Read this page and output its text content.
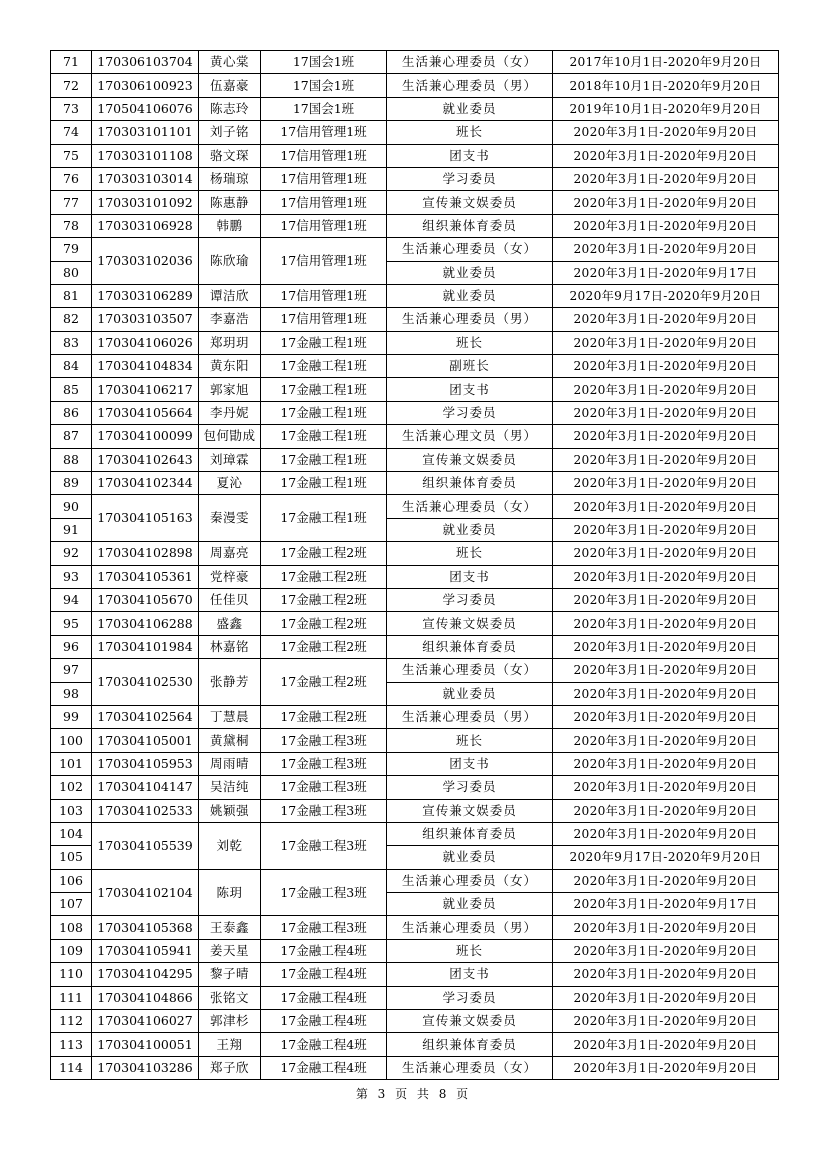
71	170306103704	黄心棠	17国会1班	生活兼心理委员（女）	2017年10月1日-2020年9月20日
72	170306100923	伍嘉豪	17国会1班	生活兼心理委员（男）	2018年10月1日-2020年9月20日
73	170504106076	陈志玲	17国会1班	就业委员	2019年10月1日-2020年9月20日
74	170303101101	刘子铭	17信用管理1班	班长	2020年3月1日-2020年9月20日
75	170303101108	骆文琛	17信用管理1班	团支书	2020年3月1日-2020年9月20日
76	170303103014	杨瑞琼	17信用管理1班	学习委员	2020年3月1日-2020年9月20日
77	170303101092	陈惠静	17信用管理1班	宣传兼文娱委员	2020年3月1日-2020年9月20日
78	170303106928	韩鹏	17信用管理1班	组织兼体育委员	2020年3月1日-2020年9月20日
79	170303102036	陈欣瑜	17信用管理1班	生活兼心理委员（女）	2020年3月1日-2020年9月20日
80				就业委员	2020年3月1日-2020年9月17日
81	170303106289	谭洁欣	17信用管理1班	就业委员	2020年9月17日-2020年9月20日
82	170303103507	李嘉浩	17信用管理1班	生活兼心理委员（男）	2020年3月1日-2020年9月20日
83	170304106026	郑玥玥	17金融工程1班	班长	2020年3月1日-2020年9月20日
84	170304104834	黄东阳	17金融工程1班	副班长	2020年3月1日-2020年9月20日
85	170304106217	郭家旭	17金融工程1班	团支书	2020年3月1日-2020年9月20日
86	170304105664	李丹妮	17金融工程1班	学习委员	2020年3月1日-2020年9月20日
87	170304100099	包何勖成	17金融工程1班	生活兼心理文员（男）	2020年3月1日-2020年9月20日
88	170304102643	刘璋霖	17金融工程1班	宣传兼文娱委员	2020年3月1日-2020年9月20日
89	170304102344	夏沁	17金融工程1班	组织兼体育委员	2020年3月1日-2020年9月20日
90	170304105163	秦漫雯	17金融工程1班	生活兼心理委员（女）	2020年3月1日-2020年9月20日
91				就业委员	2020年3月1日-2020年9月20日
92	170304102898	周嘉亮	17金融工程2班	班长	2020年3月1日-2020年9月20日
93	170304105361	党梓豪	17金融工程2班	团支书	2020年3月1日-2020年9月20日
94	170304105670	任佳贝	17金融工程2班	学习委员	2020年3月1日-2020年9月20日
95	170304106288	盛鑫	17金融工程2班	宣传兼文娱委员	2020年3月1日-2020年9月20日
96	170304101984	林嘉铭	17金融工程2班	组织兼体育委员	2020年3月1日-2020年9月20日
97	170304102530	张静芳	17金融工程2班	生活兼心理委员（女）	2020年3月1日-2020年9月20日
98				就业委员	2020年3月1日-2020年9月20日
99	170304102564	丁慧晨	17金融工程2班	生活兼心理委员（男）	2020年3月1日-2020年9月20日
100	170304105001	黄黛桐	17金融工程3班	班长	2020年3月1日-2020年9月20日
101	170304105953	周雨晴	17金融工程3班	团支书	2020年3月1日-2020年9月20日
102	170304104147	吴洁纯	17金融工程3班	学习委员	2020年3月1日-2020年9月20日
103	170304102533	姚颖强	17金融工程3班	宣传兼文娱委员	2020年3月1日-2020年9月20日
104	170304105539	刘乾	17金融工程3班	组织兼体育委员	2020年3月1日-2020年9月20日
105				就业委员	2020年9月17日-2020年9月20日
106	170304102104	陈玥	17金融工程3班	生活兼心理委员（女）	2020年3月1日-2020年9月20日
107				就业委员	2020年3月1日-2020年9月17日
108	170304105368	王泰鑫	17金融工程3班	生活兼心理委员（男）	2020年3月1日-2020年9月20日
109	170304105941	姜天星	17金融工程4班	班长	2020年3月1日-2020年9月20日
110	170304104295	黎子晴	17金融工程4班	团支书	2020年3月1日-2020年9月20日
111	170304104866	张铭文	17金融工程4班	学习委员	2020年3月1日-2020年9月20日
112	170304106027	郭津杉	17金融工程4班	宣传兼文娱委员	2020年3月1日-2020年9月20日
113	170304100051	王翔	17金融工程4班	组织兼体育委员	2020年3月1日-2020年9月20日
114	170304103286	郑子欣	17金融工程4班	生活兼心理委员（女）	2020年3月1日-2020年9月20日
第 3 页 共 8 页
